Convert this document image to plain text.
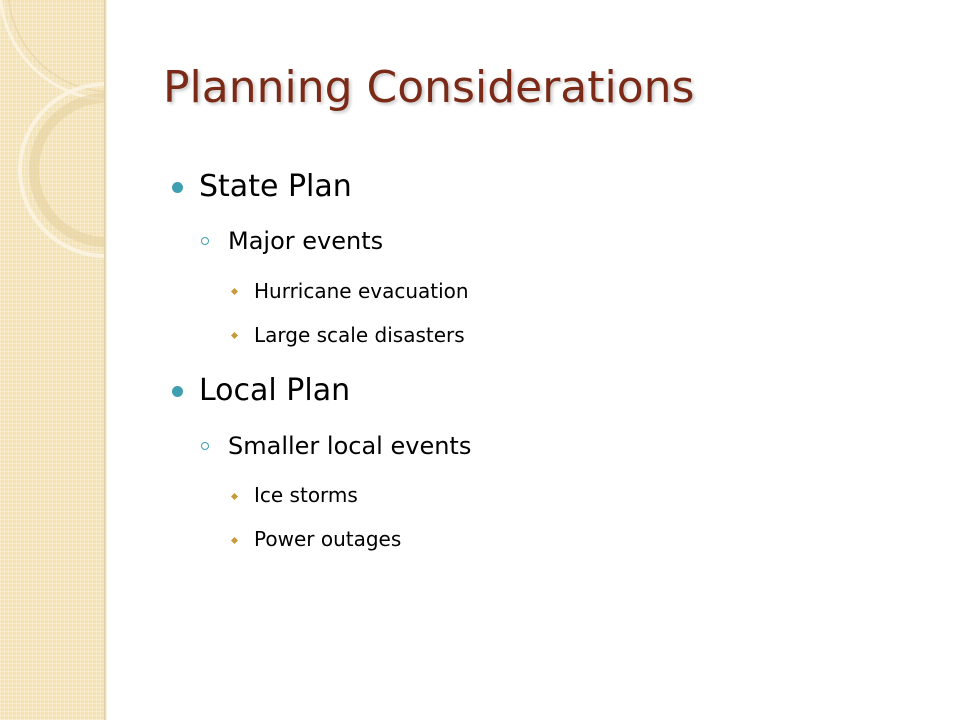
Planning Considerations
State Plan
Major events
Hurricane evacuation
Large scale disasters
Local Plan
Smaller local events
Ice storms
Power outages
